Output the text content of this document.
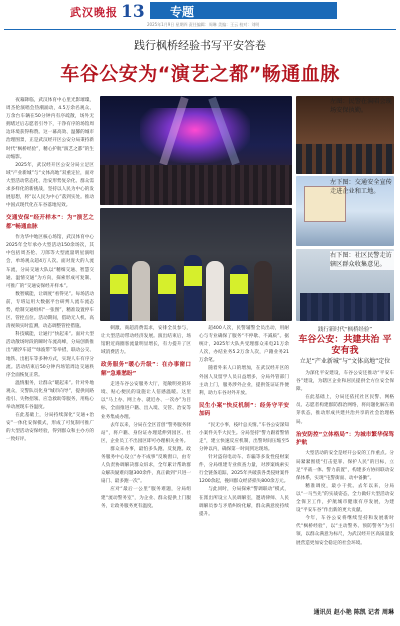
武汉晚报 13 专题
2025年1月9日 星期四 责任编辑：周琳 美编：王云 校对：刘明
践行枫桥经验书写平安答卷
车谷公安为“演艺之都”畅通血脉

夜幕降临，武汉体育中心里光影璀璨，周杰伦演唱会热潮涌动，4.5万余名观众、万余台车辆在50分钟内有序疏散，场外无拥堵过后志愿者引导下，干净有序的场馆周边环境获得称赞。这一幕高效、温馨的城市治理图景，正是武汉经开区公安分局秉持新时代“枫桥经验”，精心护航“演艺之都”的生动缩影。

2025年，武汉经开区公安分局立足区域“产业新城”与“文体高地”双重定位，面对大型活动常态化、治安形势复杂化、群众需求多样化的新挑战，坚持以人民为中心的发展思想，将“以人民为中心”落到实处。推动中国式现代化在车谷落地见效。

交通安保“经开样本”：为“演艺之都”畅通血脉

作为华中地区核心场馆，武汉体育中心2025年全年承办大型活动150余场次，其中包括周杰伦、刀郎等大型流量明星演唱会，单场观众超4万人次。面对庞大的人流车流，分局交通大队以“精细交通、智慧交通、温情交通”为方向，探索形成可复制、可推广的“交通安保经开样本”。

数智赋能，让调度“看得见”。每场活动前，专班运用大数据平台研判人流车流态势，绘制交通组织“一张图”，精准设置停车区、管控点位。活动期间，借助无人机、高清视频实时监测，动态调整管控措施。

科技赋能，让通行“快起来”。面对大型活动散场时段的瞬时车流高峰，分局创新推出“潮汐车道”“绿波带”等举措，联动公交、地铁、出租车等多种方式，实现人车有序分流。活动结束后50分钟内场馆周边交通秩序全面恢复正常。

温情服务，让群众“暖起来”。针对外地观众，交警队员化身“城市向导”，提供问路指引、失物招领、应急救助等服务，用贴心举动展现车谷温度。

在此基础上，分局持续深化“交通+治安”一体化安保模式，形成了可复制可推广的大型活动安保经验，得到群众和主办方的一致好评。

左图：民警在演唱会现场安保执勤。
左下图：交通安全宣传走进企业和工地。
右下图：社区民警走访辖区群众收集意见。

刺激、商超消费需求，安排全员参与，让大型活动带动经济发展。演出结束后，场馆附近商圈客流量明显增长，有力提升了区域消费活力。

政务服务“暖心升级”：在办事窗口解“急难愁盼”

走进车谷公安服务大厅，宽敞明亮的环境、贴心便民的设施让人倍感温暖。这里以“马上办、网上办、就近办、一次办”为目标，全面推进户籍、出入境、交管、治安等业务集成办理。

去年以来，分局在全区首创“警务服务驿站”，将户籍、身份证办理延伸到园区、社区，企业员工不出园区即可办理相关业务。

群众来办事，最怕多头跑、反复跑。政务服务中心设立“办不成事”反映窗口，由专人负责协调解决群众诉求，全年累计帮助群众解决疑难问题300余件，真正做到“只进一扇门、最多跑一次”。

应对“最后一公里”服务难题，分局组建“流动警务室”，为企业、群众提供上门服务，让政务服务更有温度。

超400人次，民警辅警全员出动，用耐心与专业确保了服务“不停歇、不减质”。据统计，2025年大队共受理群众来电21万余人次，办结业务5.2万余人次，户籍业务21万余笔。

随着外来人口的增加，在武汉经开区的外国人及留学人员日益增多，分局外管部门主动上门，服务涉外企业，提供签证证件便利，助力车谷对外开放。

民生小案“快反机制”：经务守平安加码

“民无小事，枝叶总关情。”车谷公安深知小案件关乎大民生。分局坚持“警力跟着警情走”，建立快速反应机制，出警时间压缩至5分钟以内，确保第一时间到达现场。

针对盗窃电动车、诈骗等多发性侵财案件，分局组建专业侦查力量，对涉案线索实行全链条追踪，2025年共破获各类侵财案件1200余起，挽回群众经济损失800余万元。

与此同时，分局探索“警调联动”模式，在派出所设立人民调解室，邀请律师、人民调解员参与矛盾纠纷化解，群众满意度持续提升。

践行新时代“枫桥经验”
车谷公安：共建共治 平安有我
立足“产业新城”与“文体高地”定位

为深化平安建设，车谷公安还推动“平安车谷”建设，为辖区企业和居民提供全方位安全保障。

在此基础上，分局还依托社区民警、网格员、志愿者构建群防群治网络，将问题化解在萌芽状态，推动形成共建共治共享的社会治理格局。

治安防控“立体格局”：为城市繁华保驾护航

大型活动的安全是经开公安的工作重点。分局紧紧围绕“打击犯罪、保护人民”的目标，立足“平战一体、警力前置”，构建多方协同联动安保体系，实现“屯警街面、动中备勤”。

精准调度，最小干扰。去年以来，分局以“一马当先”的实战姿态，全力做好大型活动安全保卫工作，护航城市健康有序发展，为建设“平安车谷”作出新的更大贡献。

今年，车谷公安将继续坚持和发展新时代“枫桥经验”，以“主动警务、预防警务”为引领，以群众满意为标尺，为武汉经开区高质量发展营造更加安全稳定的社会环境。

通讯员 赵小艳 陈凯 记者 周琳
